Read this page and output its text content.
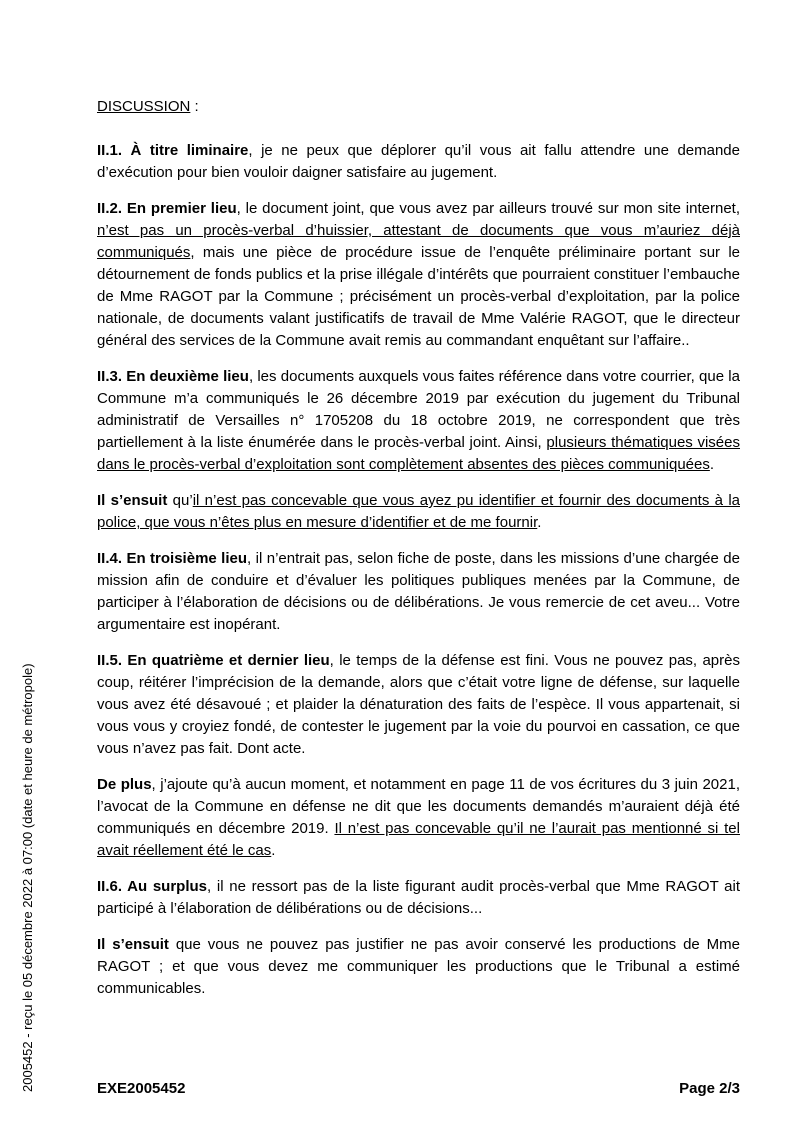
2005452 - reçu le 05 décembre 2022 à 07:00 (date et heure de métropole)
DISCUSSION :

II.1. À titre liminaire, je ne peux que déplorer qu’il vous ait fallu attendre une demande d’exécution pour bien vouloir daigner satisfaire au jugement.

II.2. En premier lieu, le document joint, que vous avez par ailleurs trouvé sur mon site internet, n’est pas un procès-verbal d’huissier, attestant de documents que vous m’auriez déjà communiqués, mais une pièce de procédure issue de l’enquête préliminaire portant sur le détournement de fonds publics et la prise illégale d’intérêts que pourraient constituer l’embauche de Mme RAGOT par la Commune ; précisément un procès-verbal d’exploitation, par la police nationale, de documents valant justificatifs de travail de Mme Valérie RAGOT, que le directeur général des services de la Commune avait remis au commandant enquêtant sur l’affaire..

II.3. En deuxième lieu, les documents auxquels vous faites référence dans votre courrier, que la Commune m’a communiqués le 26 décembre 2019 par exécution du jugement du Tribunal administratif de Versailles n° 1705208 du 18 octobre 2019, ne correspondent que très partiellement à la liste énumérée dans le procès-verbal joint. Ainsi, plusieurs thématiques visées dans le procès-verbal d’exploitation sont complètement absentes des pièces communiquées.

Il s’ensuit qu’il n’est pas concevable que vous ayez pu identifier et fournir des documents à la police, que vous n’êtes plus en mesure d’identifier et de me fournir.

II.4. En troisième lieu, il n’entrait pas, selon fiche de poste, dans les missions d’une chargée de mission afin de conduire et d’évaluer les politiques publiques menées par la Commune, de participer à l’élaboration de décisions ou de délibérations. Je vous remercie de cet aveu... Votre argumentaire est inopérant.

II.5. En quatrième et dernier lieu, le temps de la défense est fini. Vous ne pouvez pas, après coup, réitérer l’imprécision de la demande, alors que c’était votre ligne de défense, sur laquelle vous avez été désavoué ; et plaider la dénaturation des faits de l’espèce. Il vous appartenait, si vous vous y croyiez fondé, de contester le jugement par la voie du pourvoi en cassation, ce que vous n’avez pas fait. Dont acte.

De plus, j’ajoute qu’à aucun moment, et notamment en page 11 de vos écritures du 3 juin 2021, l’avocat de la Commune en défense ne dit que les documents demandés m’auraient déjà été communiqués en décembre 2019. Il n’est pas concevable qu’il ne l’aurait pas mentionné si tel avait réellement été le cas.

II.6. Au surplus, il ne ressort pas de la liste figurant audit procès-verbal que Mme RAGOT ait participé à l’élaboration de délibérations ou de décisions...

Il s’ensuit que vous ne pouvez pas justifier ne pas avoir conservé les productions de Mme RAGOT ; et que vous devez me communiquer les productions que le Tribunal a estimé communicables.

EXE2005452	Page 2/3
